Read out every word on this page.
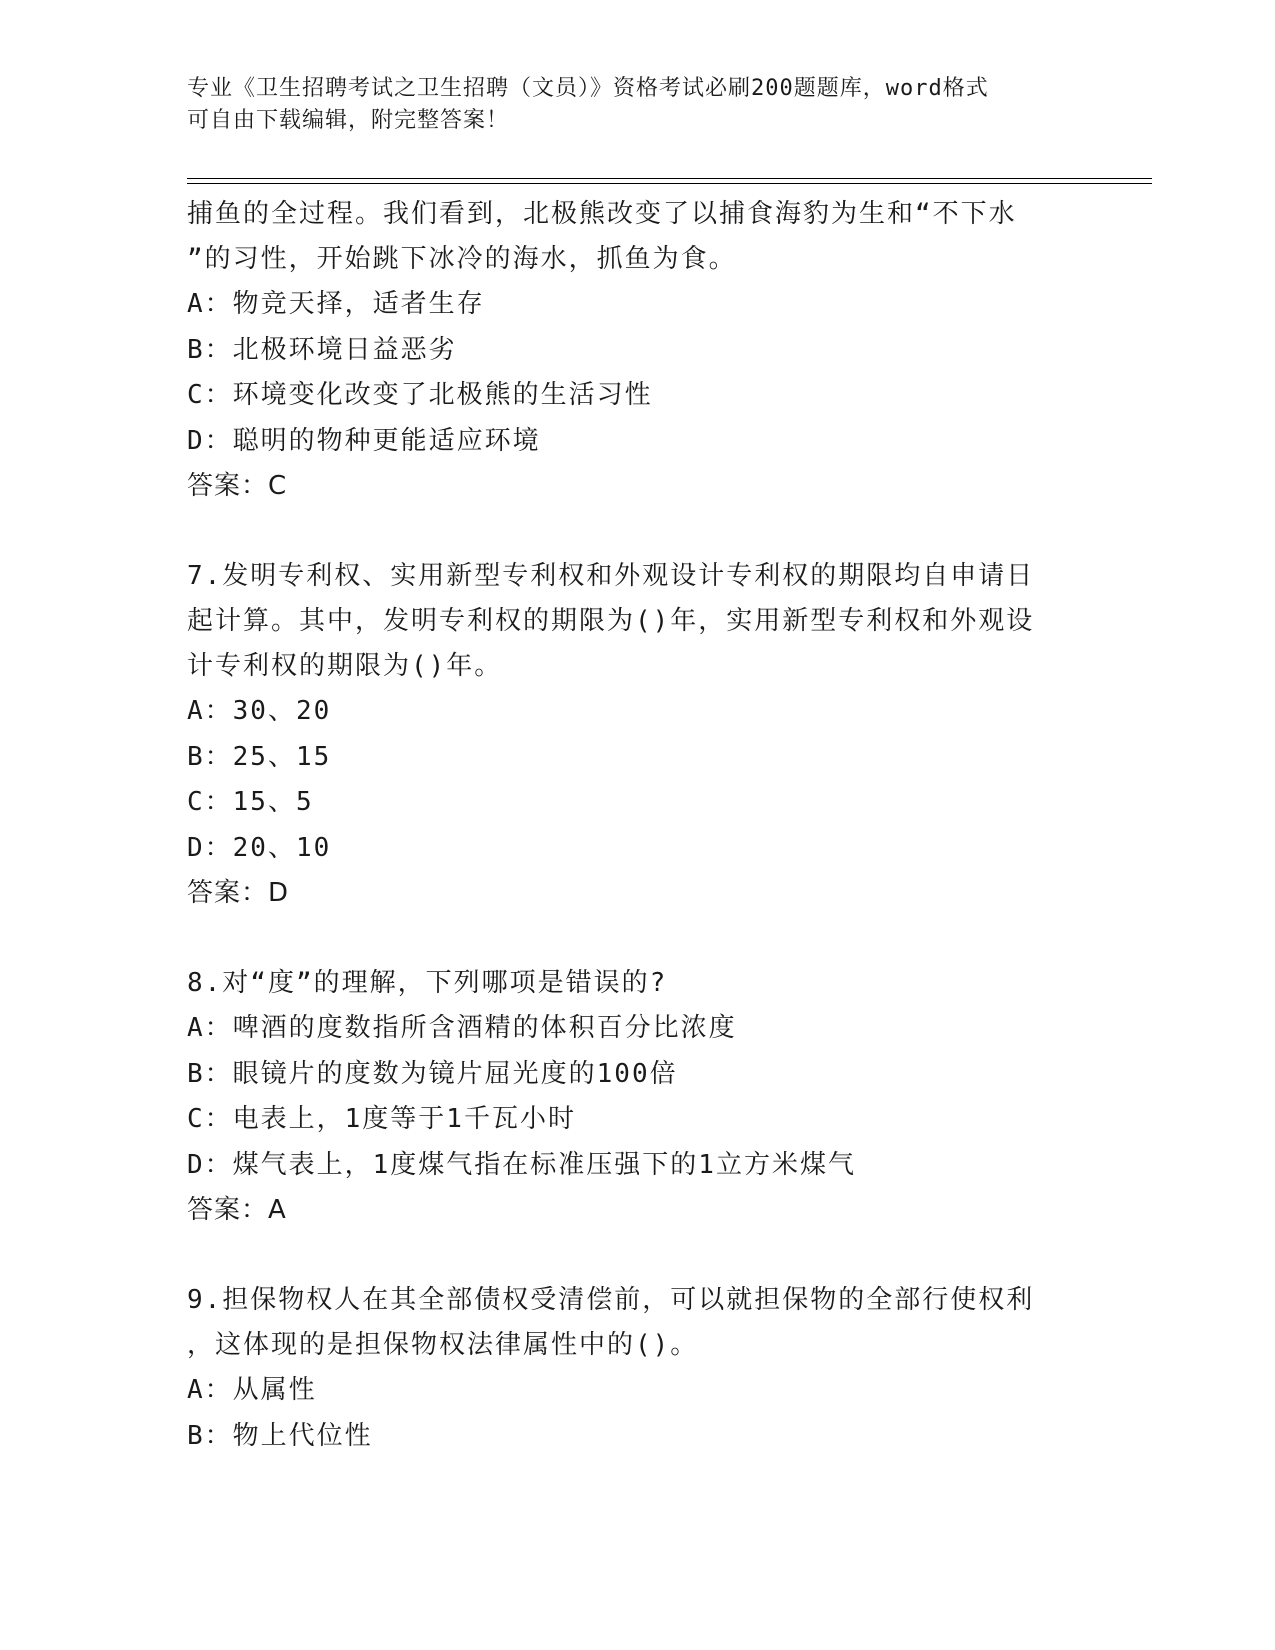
专业《卫生招聘考试之卫生招聘（文员）》资格考试必刷200题题库，word格式
可自由下载编辑，附完整答案！

捕鱼的全过程。我们看到，北极熊改变了以捕食海豹为生和“不下水

”的习性，开始跳下冰冷的海水，抓鱼为食。

A：物竞天择，适者生存

B：北极环境日益恶劣

C：环境变化改变了北极熊的生活习性

D：聪明的物种更能适应环境

答案：C

7.发明专利权、实用新型专利权和外观设计专利权的期限均自申请日

起计算。其中，发明专利权的期限为()年，实用新型专利权和外观设

计专利权的期限为()年。

A：30、20

B：25、15

C：15、5

D：20、10

答案：D

8.对“度”的理解，下列哪项是错误的?

A：啤酒的度数指所含酒精的体积百分比浓度

B：眼镜片的度数为镜片屈光度的100倍

C：电表上，1度等于1千瓦小时

D：煤气表上，1度煤气指在标准压强下的1立方米煤气

答案：A

9.担保物权人在其全部债权受清偿前，可以就担保物的全部行使权利

，这体现的是担保物权法律属性中的()。

A：从属性

B：物上代位性
